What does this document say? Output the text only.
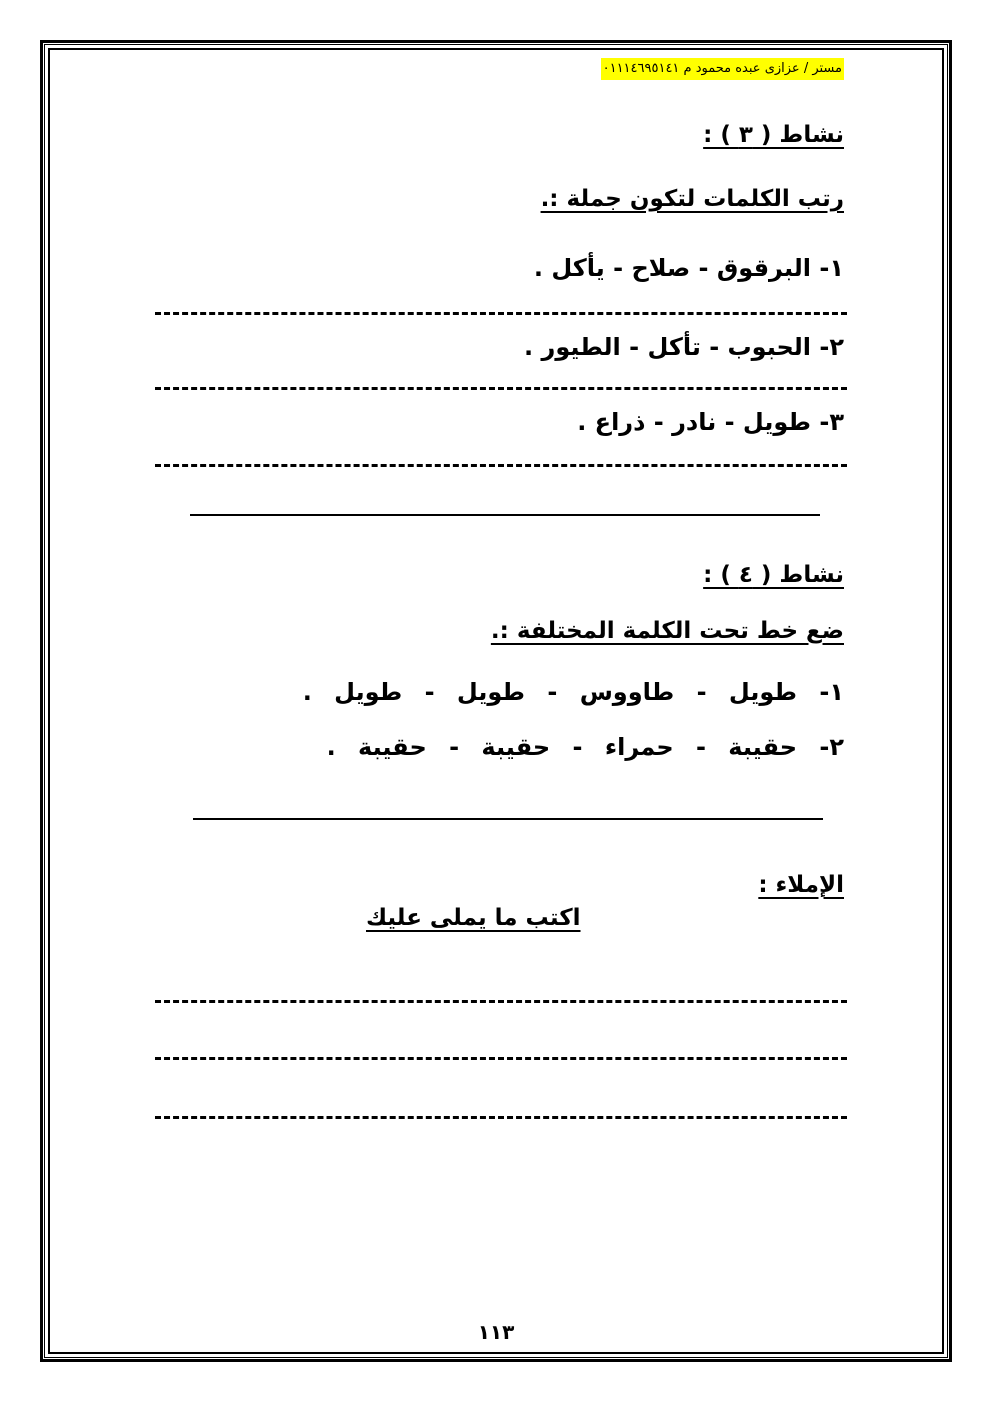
مستر / عزازى عبده محمود م ٠١١١٤٦٩٥١٤١
نشاط ( ٣ ) :
رتب الكلمات لتكون جملة :.
١- البرقوق - صلاح - يأكل .
٢- الحبوب - تأكل - الطيور .
٣- طويل - نادر - ذراع .
نشاط ( ٤ ) :
ضع خط تحت الكلمة المختلفة :.
١- طويل - طاووس - طويل - طويل .
٢- حقيبة - حمراء - حقيبة - حقيبة .
الإملاء :
اكتب ما يملى عليك
١١٣
